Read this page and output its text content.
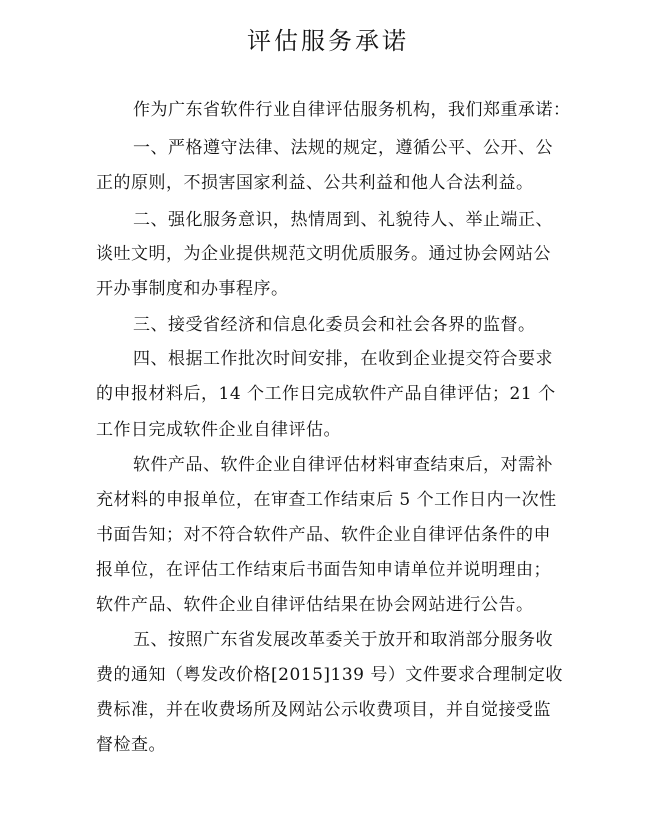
评估服务承诺
作为广东省软件行业自律评估服务机构，我们郑重承诺：
一、严格遵守法律、法规的规定，遵循公平、公开、公
正的原则，不损害国家利益、公共利益和他人合法利益。
二、强化服务意识，热情周到、礼貌待人、举止端正、
谈吐文明，为企业提供规范文明优质服务。通过协会网站公
开办事制度和办事程序。
三、接受省经济和信息化委员会和社会各界的监督。
四、根据工作批次时间安排，在收到企业提交符合要求
的申报材料后，14 个工作日完成软件产品自律评估；21 个
工作日完成软件企业自律评估。
软件产品、软件企业自律评估材料审查结束后，对需补
充材料的申报单位，在审查工作结束后 5 个工作日内一次性
书面告知；对不符合软件产品、软件企业自律评估条件的申
报单位，在评估工作结束后书面告知申请单位并说明理由；
软件产品、软件企业自律评估结果在协会网站进行公告。
五、按照广东省发展改革委关于放开和取消部分服务收
费的通知（粤发改价格[2015]139 号）文件要求合理制定收
费标准，并在收费场所及网站公示收费项目，并自觉接受监
督检查。
